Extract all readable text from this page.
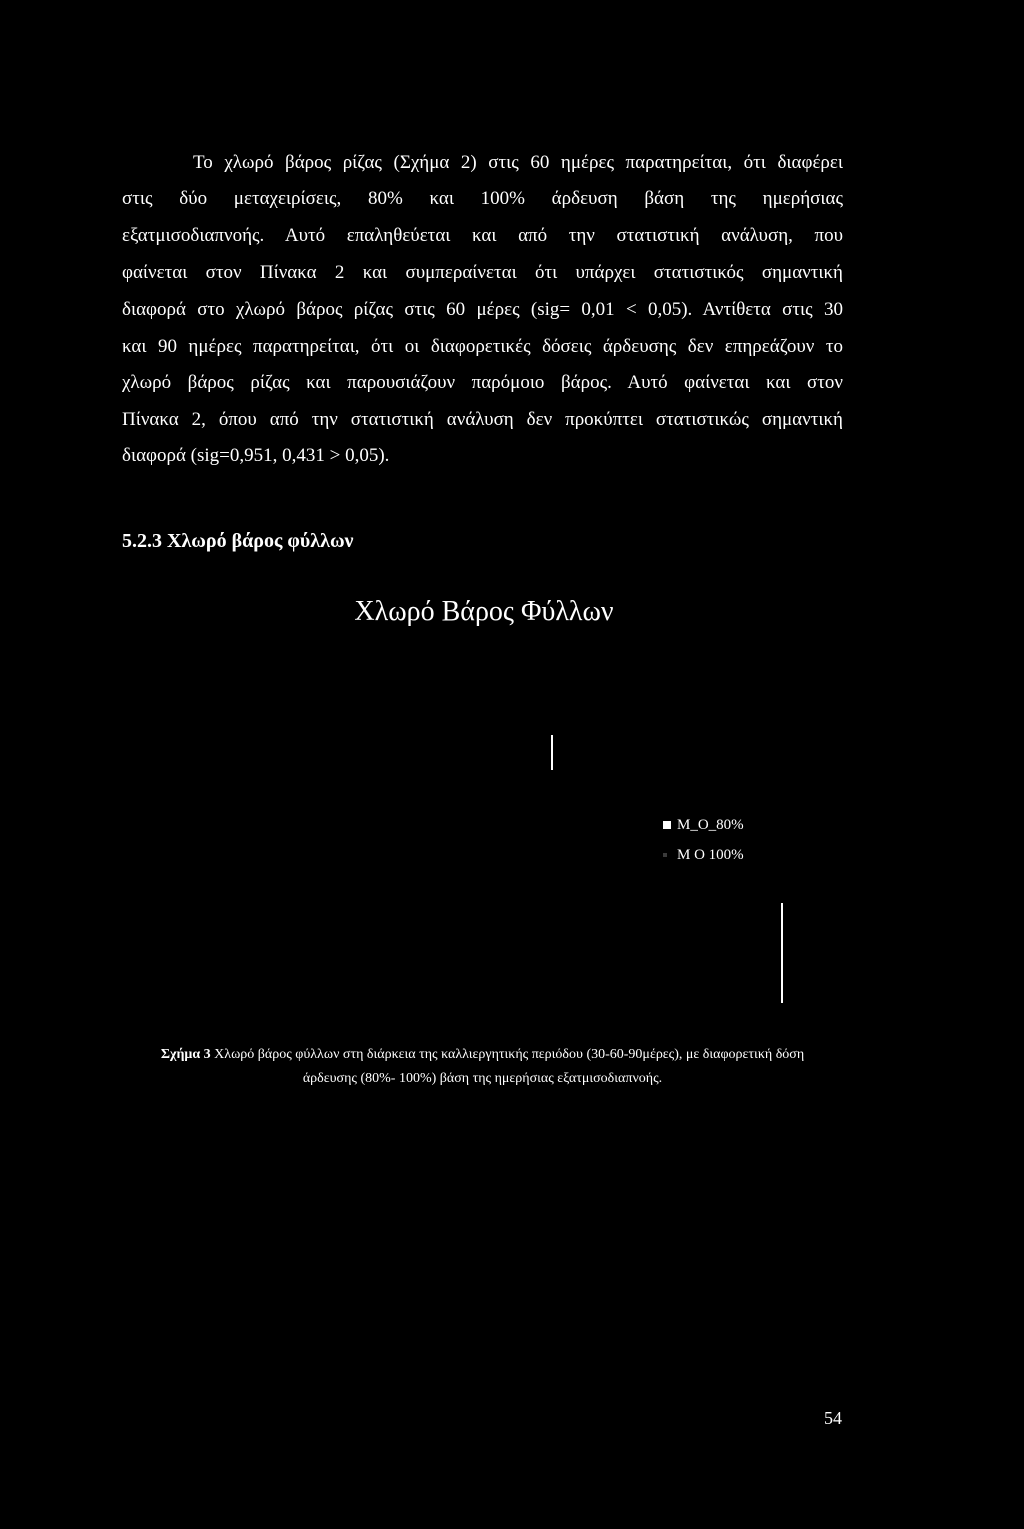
Το χλωρό βάρος ρίζας (Σχήμα 2) στις 60 ημέρες παρατηρείται, ότι διαφέρει
στις δύο μεταχειρίσεις, 80% και 100% άρδευση βάση της ημερήσιας
εξατμισοδιαπνοής. Αυτό επαληθεύεται και από την στατιστική ανάλυση, που
φαίνεται στον Πίνακα 2 και συμπεραίνεται ότι υπάρχει στατιστικός σημαντική
διαφορά στο χλωρό βάρος ρίζας στις 60 μέρες (sig= 0,01 < 0,05). Αντίθετα στις 30
και 90 ημέρες παρατηρείται, ότι οι διαφορετικές δόσεις άρδευσης δεν επηρεάζουν το
χλωρό βάρος ρίζας και παρουσιάζουν παρόμοιο βάρος. Αυτό φαίνεται και στον
Πίνακα 2, όπου από την στατιστική ανάλυση δεν προκύπτει στατιστικώς σημαντική
διαφορά (sig=0,951, 0,431 > 0,05).
5.2.3 Χλωρό βάρος φύλλων
Χλωρό Βάρος Φύλλων
M_O_80%
M O 100%
Σχήμα 3 Χλωρό βάρος φύλλων στη διάρκεια της καλλιεργητικής περιόδου (30-60-90μέρες), με διαφορετική δόση
άρδευσης (80%- 100%) βάση της ημερήσιας εξατμισοδιαπνοής.
54
